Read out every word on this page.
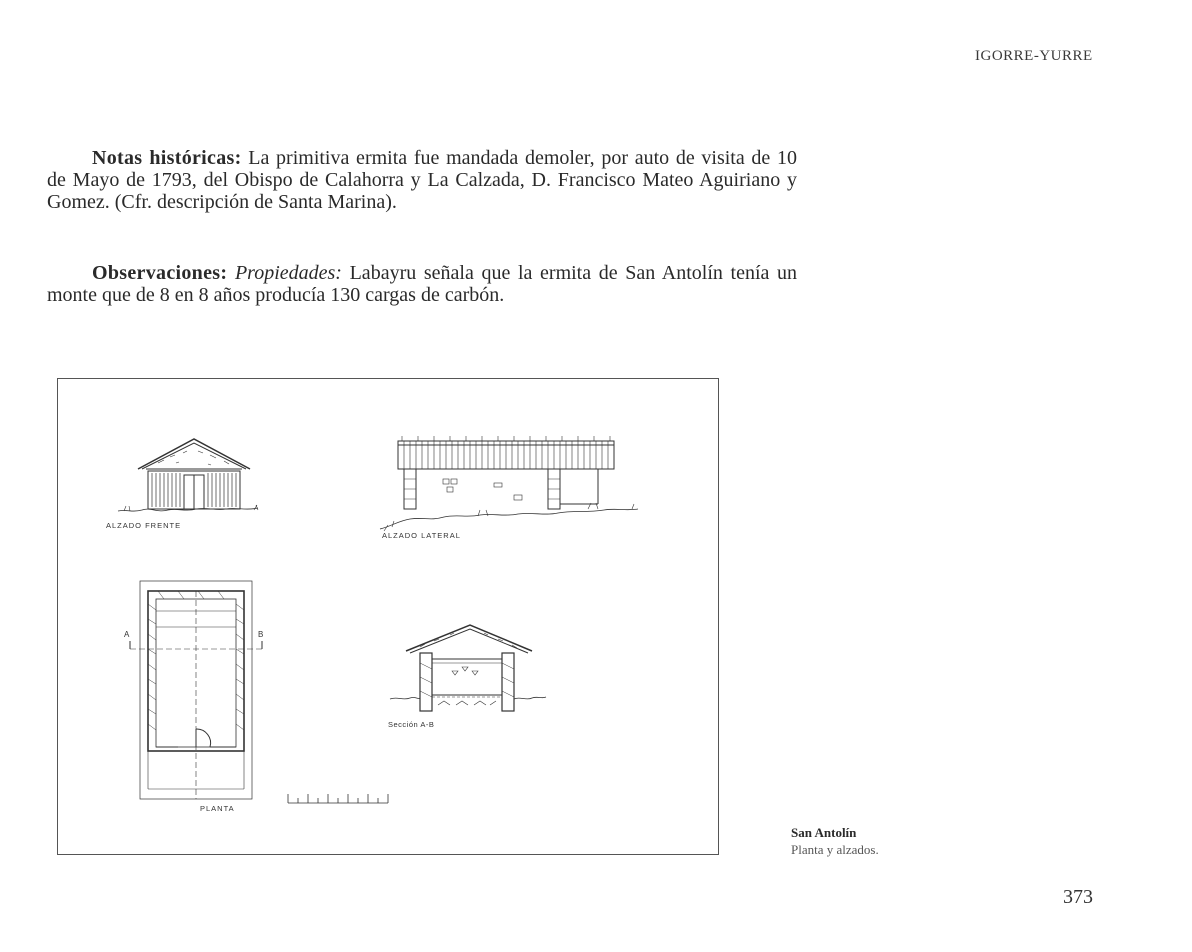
IGORRE-YURRE
Notas históricas: La primitiva ermita fue mandada demoler, por auto de visita de 10 de Mayo de 1793, del Obispo de Calahorra y La Calzada, D. Francisco Mateo Aguiriano y Gomez. (Cfr. descripción de Santa Marina).
Observaciones: Propiedades: Labayru señala que la ermita de San Antolín tenía un monte que de 8 en 8 años producía 130 cargas de carbón.
ALZADO FRENTE
ALZADO LATERAL
PLANTA
Sección A-B
A	B
San Antolín
Planta y alzados.
373
